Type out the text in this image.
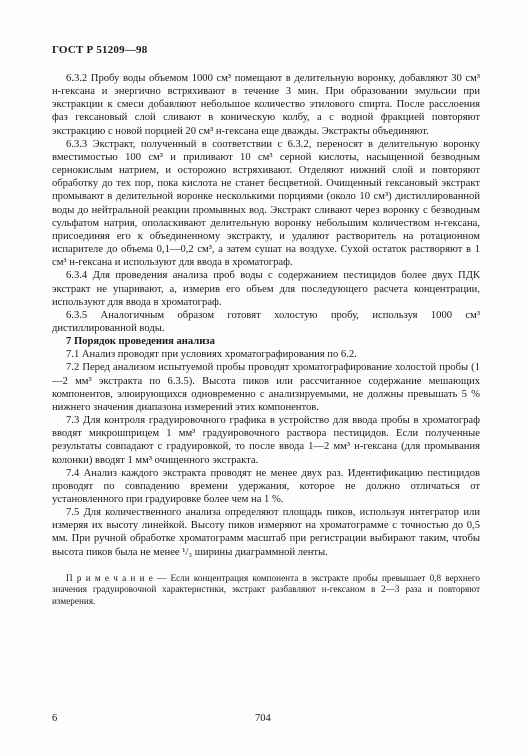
ГОСТ Р 51209—98

6.3.2 Пробу воды объемом 1000 см³ помещают в делительную воронку, добавляют 30 см³ н-гексана и энергично встряхивают в течение 3 мин. При образовании эмульсии при экстракции к смеси добавляют небольшое количество этилового спирта. После расслоения фаз гексановый слой сливают в коническую колбу, а с водной фракцией повторяют экстракцию с новой порцией 20 см³ н-гексана еще дважды. Экстракты объединяют.

6.3.3 Экстракт, полученный в соответствии с 6.3.2, переносят в делительную воронку вместимостью 100 см³ и приливают 10 см³ серной кислоты, насыщенной безводным сернокислым натрием, и осторожно встряхивают. Отделяют нижний слой и повторяют обработку до тех пор, пока кислота не станет бесцветной. Очищенный гексановый экстракт промывают в делительной воронке несколькими порциями (около 10 см³) дистиллированной воды до нейтральной реакции промывных вод. Экстракт сливают через воронку с безводным сульфатом натрия, ополаскивают делительную воронку небольшим количеством н-гексана, присоединяя его к объединенному экстракту, и удаляют растворитель на ротационном испарителе до объема 0,1—0,2 см³, а затем сушат на воздухе. Сухой остаток растворяют в 1 см³ н-гексана и используют для ввода в хроматограф.

6.3.4 Для проведения анализа проб воды с содержанием пестицидов более двух ПДК экстракт не упаривают, а, измерив его объем для последующего расчета концентрации, используют для ввода в хроматограф.

6.3.5 Аналогичным образом готовят холостую пробу, используя 1000 см³ дистиллированной воды.

7 Порядок проведения анализа

7.1 Анализ проводят при условиях хроматографирования по 6.2.

7.2 Перед анализом испытуемой пробы проводят хроматографирование холостой пробы (1—2 мм³ экстракта по 6.3.5). Высота пиков или рассчитанное содержание мешающих компонентов, элюирующихся одновременно с анализируемыми, не должны превышать 5 % нижнего значения диапазона измерений этих компонентов.

7.3 Для контроля градуировочного графика в устройство для ввода пробы в хроматограф вводят микрошприцем 1 мм³ градуировочного раствора пестицидов. Если полученные результаты совпадают с градуировкой, то после ввода 1—2 мм³ н-гексана (для промывания колонки) вводят 1 мм³ очищенного экстракта.

7.4 Анализ каждого экстракта проводят не менее двух раз. Идентификацию пестицидов проводят по совпадению времени удержания, которое не должно отличаться от установленного при градуировке более чем на 1 %.

7.5 Для количественного анализа определяют площадь пиков, используя интегратор или измеряя их высоту линейкой. Высоту пиков измеряют на хроматограмме с точностью до 0,5 мм. При ручной обработке хроматограмм масштаб при регистрации выбирают таким, чтобы высота пиков была не менее ¹/₃ ширины диаграммной ленты.

П р и м е ч а н и е — Если концентрация компонента в экстракте пробы превышает 0,8 верхнего значения градуировочной характеристики, экстракт разбавляют н-гексаном в 2—3 раза и повторяют измерения.

6	704
